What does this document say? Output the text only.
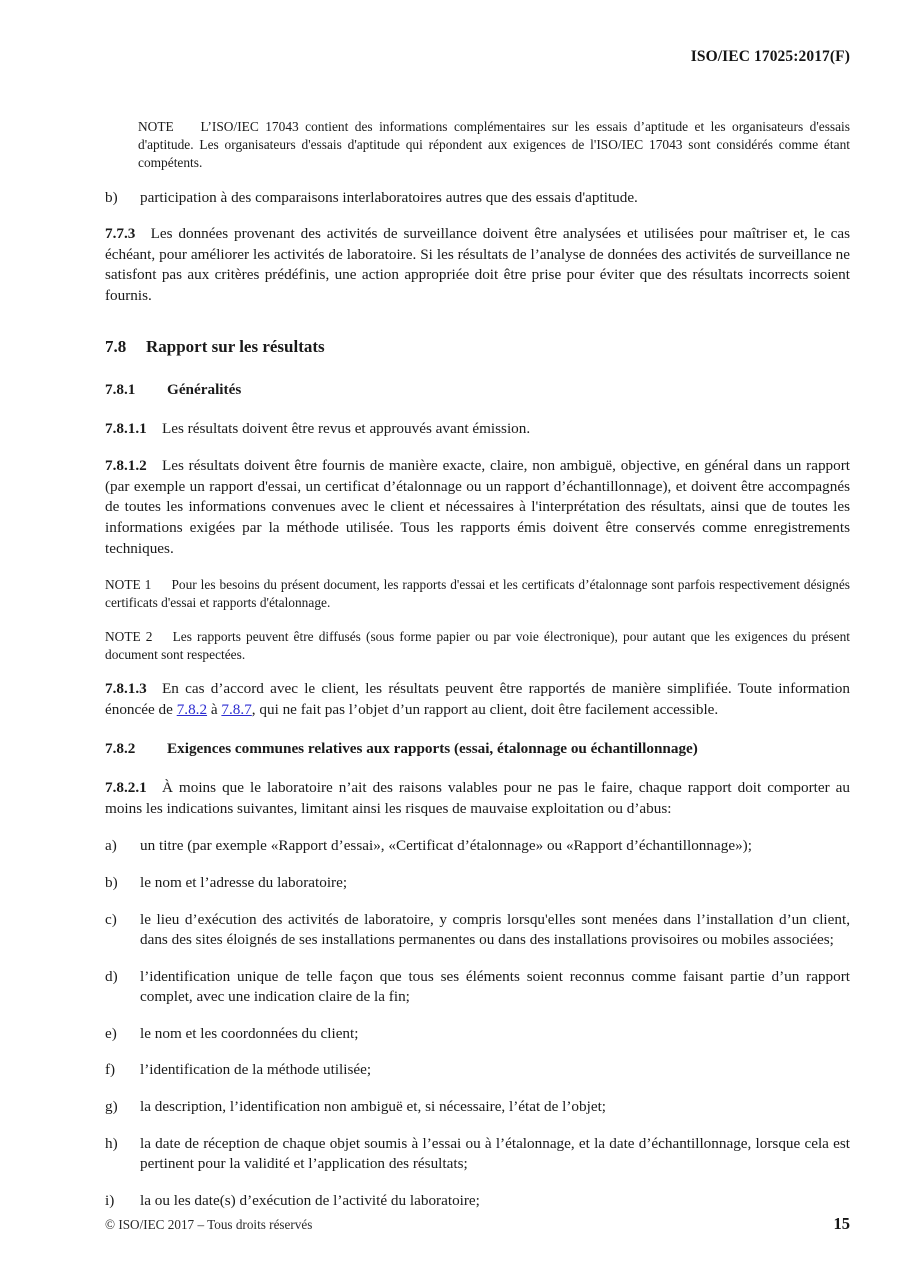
ISO/IEC 17025:2017(F)

NOTE L’ISO/IEC 17043 contient des informations complémentaires sur les essais d’aptitude et les organisateurs d'essais d'aptitude. Les organisateurs d'essais d'aptitude qui répondent aux exigences de l'ISO/IEC 17043 sont considérés comme étant compétents.

b)	participation à des comparaisons interlaboratoires autres que des essais d'aptitude.

7.7.3 Les données provenant des activités de surveillance doivent être analysées et utilisées pour maîtriser et, le cas échéant, pour améliorer les activités de laboratoire. Si les résultats de l’analyse de données des activités de surveillance ne satisfont pas aux critères prédéfinis, une action appropriée doit être prise pour éviter que des résultats incorrects soient fournis.

7.8 Rapport sur les résultats
7.8.1 Généralités

7.8.1.1 Les résultats doivent être revus et approuvés avant émission.

7.8.1.2 Les résultats doivent être fournis de manière exacte, claire, non ambiguë, objective, en général dans un rapport (par exemple un rapport d'essai, un certificat d’étalonnage ou un rapport d’échantillonnage), et doivent être accompagnés de toutes les informations convenues avec le client et nécessaires à l'interprétation des résultats, ainsi que de toutes les informations exigées par la méthode utilisée. Tous les rapports émis doivent être conservés comme enregistrements techniques.

NOTE 1 Pour les besoins du présent document, les rapports d'essai et les certificats d’étalonnage sont parfois respectivement désignés certificats d'essai et rapports d'étalonnage.

NOTE 2 Les rapports peuvent être diffusés (sous forme papier ou par voie électronique), pour autant que les exigences du présent document sont respectées.

7.8.1.3 En cas d’accord avec le client, les résultats peuvent être rapportés de manière simplifiée. Toute information énoncée de 7.8.2 à 7.8.7, qui ne fait pas l’objet d’un rapport au client, doit être facilement accessible.

7.8.2 Exigences communes relatives aux rapports (essai, étalonnage ou échantillonnage)

7.8.2.1 À moins que le laboratoire n’ait des raisons valables pour ne pas le faire, chaque rapport doit comporter au moins les indications suivantes, limitant ainsi les risques de mauvaise exploitation ou d’abus:

a)	un titre (par exemple «Rapport d’essai», «Certificat d’étalonnage» ou «Rapport d’échantillonnage»);
b)	le nom et l’adresse du laboratoire;
c)	le lieu d’exécution des activités de laboratoire, y compris lorsqu'elles sont menées dans l’installation d’un client, dans des sites éloignés de ses installations permanentes ou dans des installations provisoires ou mobiles associées;
d)	l’identification unique de telle façon que tous ses éléments soient reconnus comme faisant partie d’un rapport complet, avec une indication claire de la fin;
e)	le nom et les coordonnées du client;
f)	l’identification de la méthode utilisée;
g)	la description, l’identification non ambiguë et, si nécessaire, l’état de l’objet;
h)	la date de réception de chaque objet soumis à l’essai ou à l’étalonnage, et la date d’échantillonnage, lorsque cela est pertinent pour la validité et l’application des résultats;
i)	la ou les date(s) d’exécution de l’activité du laboratoire;
© ISO/IEC 2017 – Tous droits réservés	15
